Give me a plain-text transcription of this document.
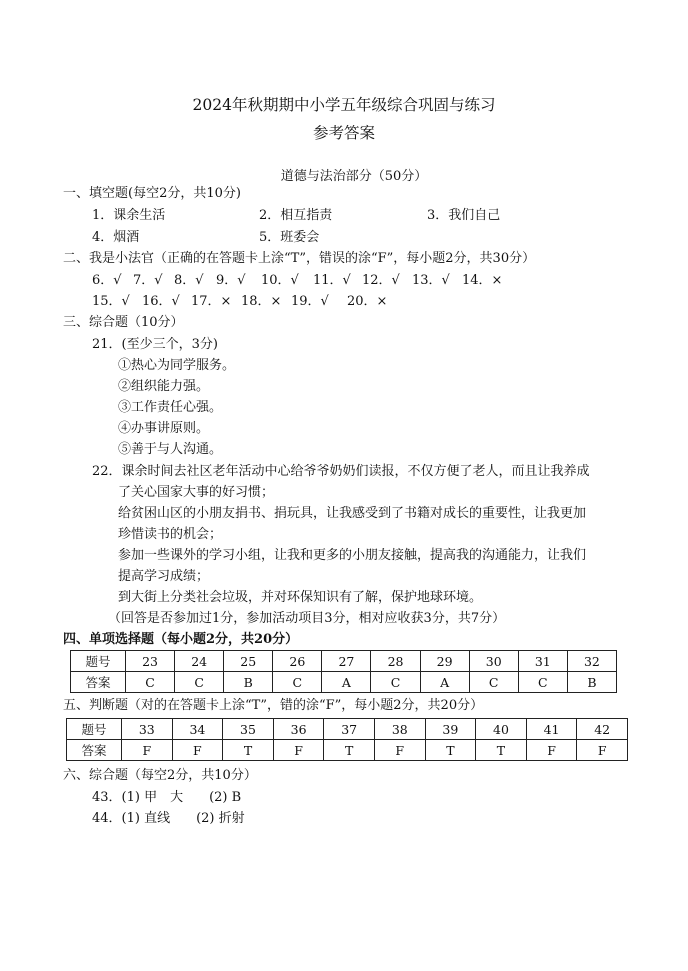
2024年秋期期中小学五年级综合巩固与练习
参考答案
道德与法治部分（50分）
一、填空题(每空2分，共10分)
1．课余生活	2．相互指责	3．我们自己
4．烟酒	5．班委会
二、我是小法官（正确的在答题卡上涂“T”，错误的涂“F”，每小题2分，共30分）
6．√ 7．√ 8．√ 9．√ 10．√ 11．√ 12．√ 13．√ 14．×
15．√ 16．√ 17．× 18．× 19．√ 20．×
三、综合题（10分）
21．(至少三个，3分)
①热心为同学服务。
②组织能力强。
③工作责任心强。
④办事讲原则。
⑤善于与人沟通。
22．课余时间去社区老年活动中心给爷爷奶奶们读报，不仅方便了老人，而且让我养成
了关心国家大事的好习惯；
给贫困山区的小朋友捐书、捐玩具，让我感受到了书籍对成长的重要性，让我更加
珍惜读书的机会；
参加一些课外的学习小组，让我和更多的小朋友接触，提高我的沟通能力，让我们
提高学习成绩；
到大街上分类社会垃圾，并对环保知识有了解，保护地球环境。
（回答是否参加过1分，参加活动项目3分，相对应收获3分，共7分）
四、单项选择题（每小题2分，共20分）
题号	23	24	25	26	27	28	29	30	31	32
答案	C	C	B	C	A	C	A	C	C	B
五、判断题（对的在答题卡上涂“T”，错的涂“F”，每小题2分，共20分）
题号	33	34	35	36	37	38	39	40	41	42
答案	F	F	T	F	T	F	T	T	F	F
六、综合题（每空2分，共10分）
43．(1) 甲　大　　(2) B
44．(1) 直线　　(2) 折射
